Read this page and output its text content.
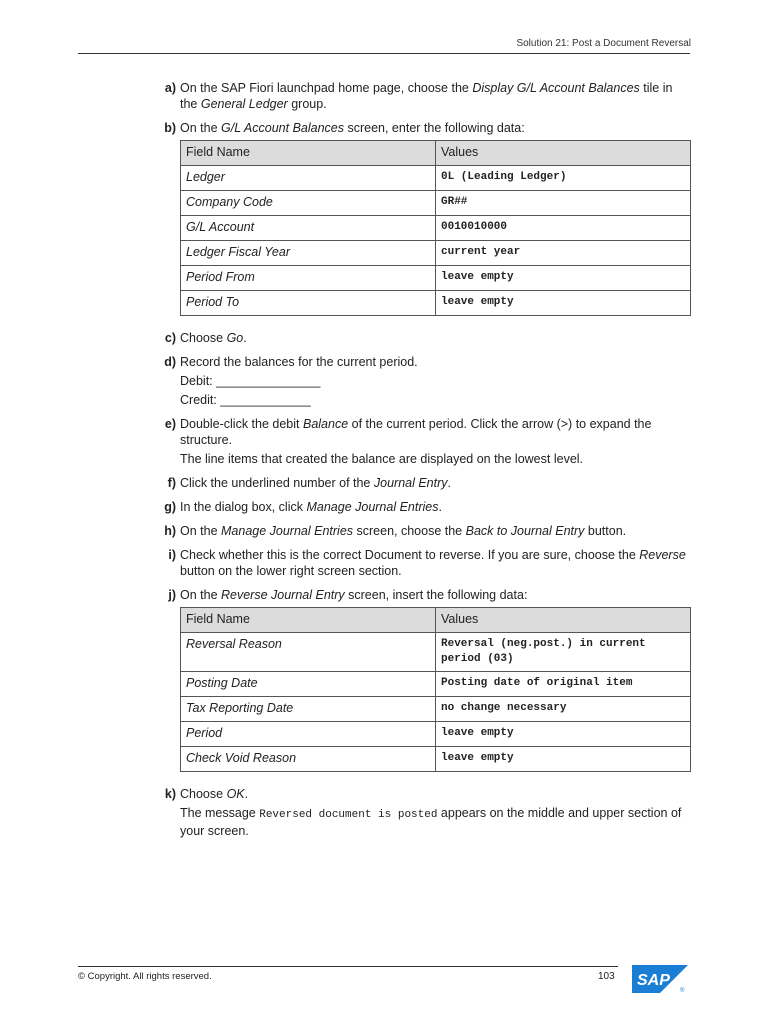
Solution 21: Post a Document Reversal
a) On the SAP Fiori launchpad home page, choose the Display G/L Account Balances tile in the General Ledger group.

b) On the G/L Account Balances screen, enter the following data:

Field Name	Values
Ledger	0L (Leading Ledger)
Company Code	GR##
G/L Account	0010010000
Ledger Fiscal Year	current year
Period From	leave empty
Period To	leave empty
c) Choose Go.

d) Record the balances for the current period.

Debit: _______________

Credit: _____________

e) Double-click the debit Balance of the current period. Click the arrow (>) to expand the structure.

The line items that created the balance are displayed on the lowest level.

f) Click the underlined number of the Journal Entry.

g) In the dialog box, click Manage Journal Entries.

h) On the Manage Journal Entries screen, choose the Back to Journal Entry button.

i) Check whether this is the correct Document to reverse. If you are sure, choose the Reverse button on the lower right screen section.

j) On the Reverse Journal Entry screen, insert the following data:

Field Name	Values
Reversal Reason	Reversal (neg.post.) in current period (03)
Posting Date	Posting date of original item
Tax Reporting Date	no change necessary
Period	leave empty
Check Void Reason	leave empty
k) Choose OK.

The message Reversed document is posted appears on the middle and upper section of your screen.

© Copyright. All rights reserved.	103 SAP
®
